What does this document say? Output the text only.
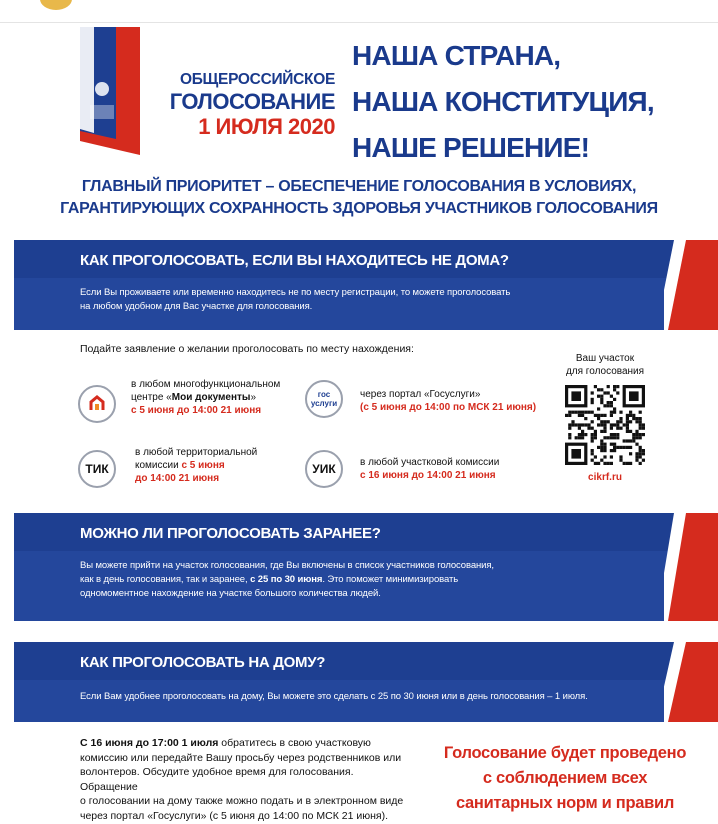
ОБЩЕРОССИЙСКОЕ
ГОЛОСОВАНИЕ
1 ИЮЛЯ 2020
НАША СТРАНА,
НАША КОНСТИТУЦИЯ,
НАШЕ РЕШЕНИЕ!
ГЛАВНЫЙ ПРИОРИТЕТ – ОБЕСПЕЧЕНИЕ ГОЛОСОВАНИЯ В УСЛОВИЯХ,
ГАРАНТИРУЮЩИХ СОХРАННОСТЬ ЗДОРОВЬЯ УЧАСТНИКОВ ГОЛОСОВАНИЯ
КАК ПРОГОЛОСОВАТЬ, ЕСЛИ ВЫ НАХОДИТЕСЬ НЕ ДОМА?
Если Вы проживаете или временно находитесь не по месту регистрации, то можете проголосовать
на любом удобном для Вас участке для голосования.
Подайте заявление о желании проголосовать по месту нахождения:
в любом многофункциональном
центре «Мои документы»
с 5 июня до 14:00 21 июня
гос услуги
через портал «Госуслуги»
(с 5 июня до 14:00 по МСК 21 июня)
ТИК
в любой территориальной
комиссии с 5 июня
до 14:00 21 июня
УИК	в любой участковой комиссии
с 16 июня до 14:00 21 июня
Ваш участок
для голосования
cikrf.ru
МОЖНО ЛИ ПРОГОЛОСОВАТЬ ЗАРАНЕЕ?
Вы можете прийти на участок голосования, где Вы включены в список участников голосования,
как в день голосования, так и заранее, с 25 по 30 июня. Это поможет минимизировать
одномоментное нахождение на участке большого количества людей.
КАК ПРОГОЛОСОВАТЬ НА ДОМУ?
Если Вам удобнее проголосовать на дому, Вы можете это сделать с 25 по 30 июня или в день голосования – 1 июля.
С 16 июня до 17:00 1 июля обратитесь в свою участковую
комиссию или передайте Вашу просьбу через родственников или
волонтеров. Обсудите удобное время для голосования. Обращение
о голосовании на дому также можно подать и в электронном виде
через портал «Госуслуги» (с 5 июня до 14:00 по МСК 21 июня).
Голосование будет проведено
с соблюдением всех
санитарных норм и правил
